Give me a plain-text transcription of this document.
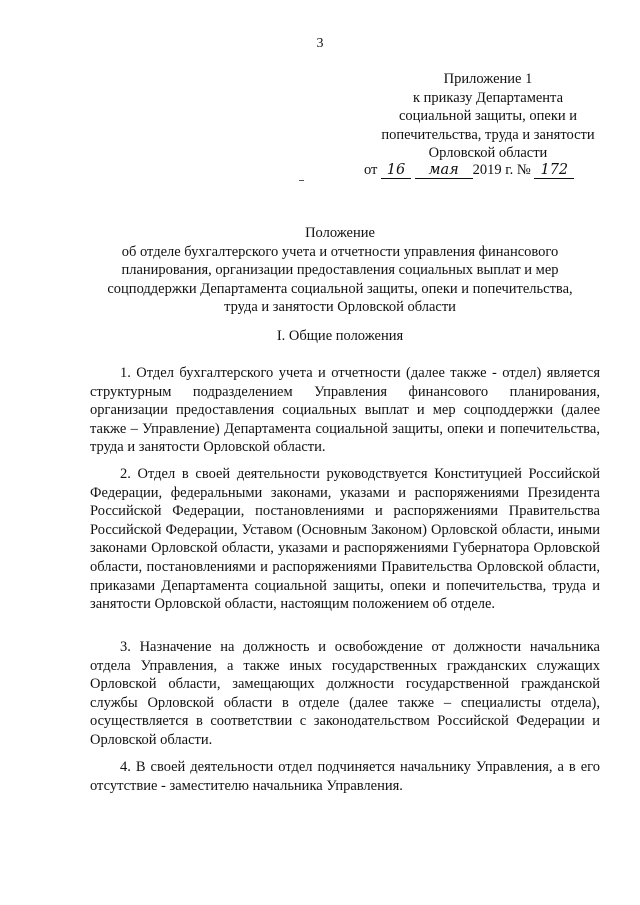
3
Приложение 1
к приказу Департамента
социальной защиты, опеки и
попечительства, труда и занятости
Орловской области
от 16 мая 2019 г. № 172
Положение
об отделе бухгалтерского учета и отчетности управления финансового
планирования, организации предоставления социальных выплат и мер
соцподдержки Департамента социальной защиты, опеки и попечительства,
труда и занятости Орловской области
I. Общие положения

1. Отдел бухгалтерского учета и отчетности (далее также - отдел) является структурным подразделением Управления финансового планирования, организации предоставления социальных выплат и мер соцподдержки (далее также – Управление) Департамента социальной защиты, опеки и попечительства, труда и занятости Орловской области.

2. Отдел в своей деятельности руководствуется Конституцией Российской Федерации, федеральными законами, указами и распоряжениями Президента Российской Федерации, постановлениями и распоряжениями Правительства Российской Федерации, Уставом (Основным Законом) Орловской области, иными законами Орловской области, указами и распоряжениями Губернатора Орловской области, постановлениями и распоряжениями Правительства Орловской области, приказами Департамента социальной защиты, опеки и попечительства, труда и занятости Орловской области, настоящим положением об отделе.

3. Назначение на должность и освобождение от должности начальника отдела Управления, а также иных государственных гражданских служащих Орловской области, замещающих должности государственной гражданской службы Орловской области в отделе (далее также – специалисты отдела), осуществляется в соответствии с законодательством Российской Федерации и Орловской области.

4. В своей деятельности отдел подчиняется начальнику Управления, а в его отсутствие - заместителю начальника Управления.
